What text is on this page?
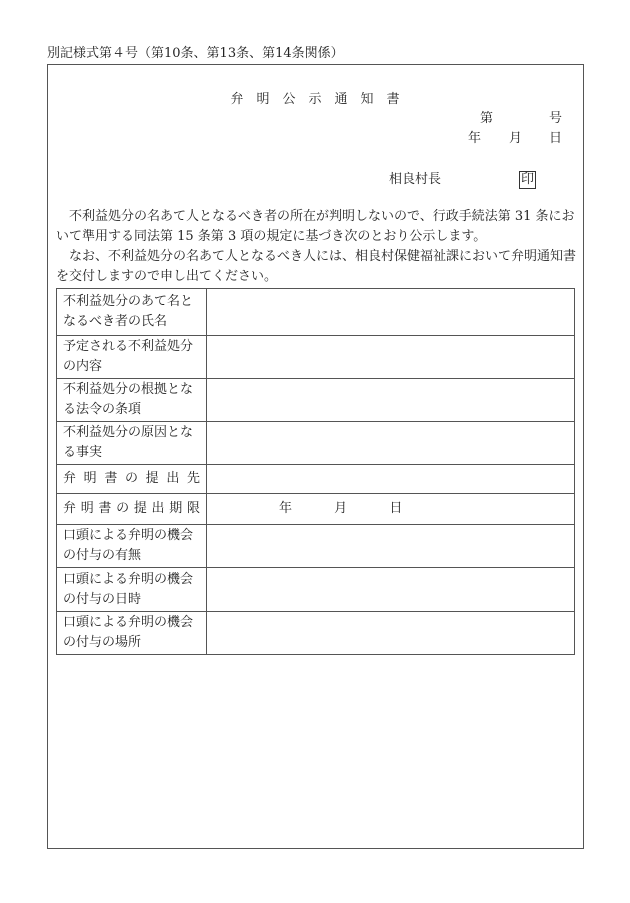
別記様式第４号（第10条、第13条、第14条関係）
弁　明　公　示　通　知　書
第	号
年 月 日
相良村長	印

不利益処分の名あて人となるべき者の所在が判明しないので、行政手続法第 31 条において準用する同法第 15 条第 3 項の規定に基づき次のとおり公示します。

なお、不利益処分の名あて人となるべき人には、相良村保健福祉課において弁明通知書を交付しますので申し出てください。

不利益処分のあて名となるべき者の氏名	
予定される不利益処分の内容	
不利益処分の根拠となる法令の条項	
不利益処分の原因となる事実	
弁明書の提出先	
弁明書の提出期限	年 月 日
口頭による弁明の機会の付与の有無	
口頭による弁明の機会の付与の日時	
口頭による弁明の機会の付与の場所	
